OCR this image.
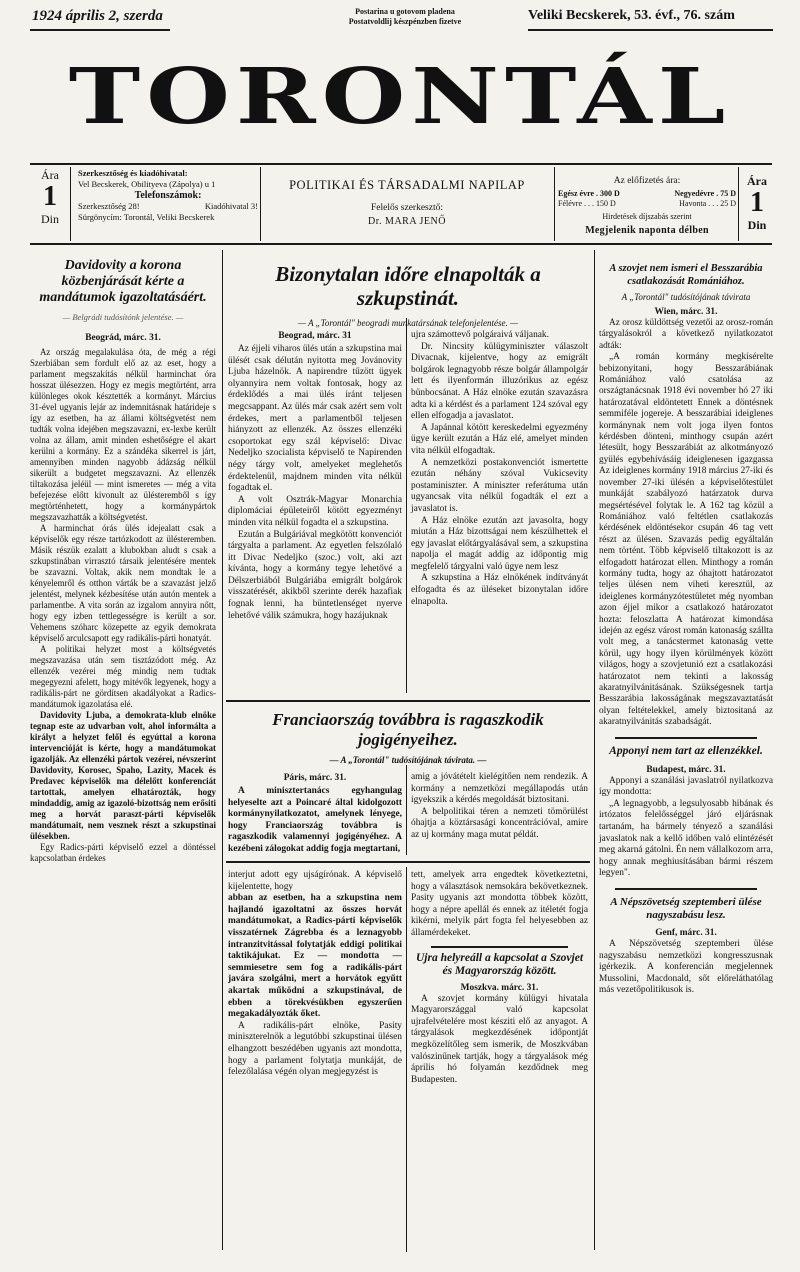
1924 április 2, szerda	Postarina u gotovom pladena
Postatvoldlij készpénzben fizetve	Veliki Becskerek, 53. évf., 76. szám
TORONTÁL
Ára
1
Din
Szerkesztőség és kiadóhivatal:
Vel Becskerek, Obilityeva (Zápolya) u 1
Telefonszámok:
Szerkesztőség 28!	Kiadóhivatal 3!
Sürgönycím: Torontál, Veliki Becskerek
POLITIKAI ÉS TÁRSADALMI NAPILAP
Felelős szerkesztő:
Dr. MARA JENŐ
Az előfizetés ára:
Egész évre . 300 D	Negyedévre . 75 D
Félévre . . . 150 D	Havonta . . . 25 D
Hirdetések díjszabás szerint
Megjelenik naponta délben
Ára
1
Din
Davidovity a korona közbenjárását kérte a mandátumok igazoltatásáért.
— Belgrádi tudósítónk jelentése. —
Beográd, márc. 31.

Az ország megalakulása óta, de még a régi Szerbiában sem fordult elő az az eset, hogy a parlament megszakítás nélkül harminchat óra hosszat ülésezzen. Hogy ez megis megtörtént, arra különleges okok késztették a kormányt. Március 31-ével ugyanis lejár az indemnitásnak határideje s így az esetben, ha az állami költségvetést nem tudták volna idejében megszavazni, ex-lexbe került volna az állam, amit minden eshetőségre el akart kerülni a kormány. Ez a szándéka sikerrel is járt, amennyiben minden nagyobb ádázság nélkül sikerült a budgetet megszavazni. Az ellenzék tiltakozása jeléül — mint ismeretes — még a vita befejezése előtt kivonult az ülésteremből s így megtörténhetett, hogy a kormánypártok megszavazhatták a költségvetést.

A harminchat órás ülés idejealatt csak a képviselők egy része tartózkodott az ülésteremben. Másik részük ezalatt a klubokban aludt s csak a szkupstinában virrasztó társaik jelentésére mentek be szavazni. Voltak, akik nem mondtak le a kényelemről és otthon várták be a szavazást jelző jelentést, melynek kézbesítése után autón mentek a parlamentbe. A vita során az izgalom annyira nőtt, hogy egy izben tettlegességre is került a sor. Vehemens szóharc közepette az egyik demokrata képviselő arculcsapott egy radikális-párti honatyát.

A politikai helyzet most a költségvetés megszavazása után sem tisztázódott még. Az ellenzék vezérei még mindig nem tudtak megegyezni afelett, hogy mitévők legyenek, hogy a radikális-párt ne gördítsen akadályokat a Radics-mandátumok igazolatása elé.

Davidovity Ljuba, a demokrata-klub elnöke tegnap este az udvarban volt, ahol informálta a királyt a helyzet felől és egyúttal a korona intervencióját is kérte, hogy a mandátumokat igazolják. Az ellenzéki pártok vezérei, névszerint Davidovity, Korosec, Spaho, Lazity, Macek és Predavec képviselők ma délelőtt konferenciát tartottak, amelyen elhatározták, hogy mindaddig, amig az igazoló-bizottság nem erősiti meg a horvát paraszt-párti képviselők mandátumait, nem vesznek részt a szkupstinai ülésekben.

Egy Radics-párti képviselő ezzel a döntéssel kapcsolatban érdekes

Bizonytalan időre elnapolták a szkupstinát.
— A „Torontál" beogradi munkatársának telefonjelentése. —
Beograd, márc. 31

Az éjjeli viharos ülés után a szkupstina mai ülését csak délután nyitotta meg Jovánovity Ljuba házelnök. A napirendre tűzött ügyek olyannyira nem voltak fontosak, hogy az érdeklődés a mai ülés iránt teljesen megcsappant. Az ülés már csak azért sem volt érdekes, mert a parlamentből teljesen hiányzott az ellenzék. Az összes ellenzéki csoportokat egy szál képviselő: Divac Nedeljko szocialista képviselő te Napirenden négy tárgy volt, amelyeket meglehetős érdektelenül, majdnem minden vita nélkül fogadtak el.

A volt Osztrák-Magyar Monarchia diplomáciai épületeiről kötött egyezményt minden vita nélkül fogadta el a szkupstina.

Ezután a Bulgáriával megkötött konvenciót tárgyalta a parlament. Az egyetlen felszólaló itt Divac Nedeljko (szoc.) volt, aki azt kívánta, hogy a kormány tegye lehetővé a Délszerbiából Bulgáriába emigrált bolgárok visszatérését, akikből szerinte derék hazafiak fognak lenni, ha büntetlenséget nyerve lehetővé válik számukra, hogy hazájuknak

ujra számottevő polgáraivá váljanak.

Dr. Nincsity külügyminiszter válaszolt Divacnak, kijelentve, hogy az emigrált bolgárok legnagyobb része bolgár állampolgár lett és ilyenformán illuzórikus az egész bünbocsánat. A Ház elnöke ezután szavazásra adta ki a kérdést és a parlament 124 szóval egy ellen elfogadja a javaslatot.

A Japánnal kötött kereskedelmi egyezmény ügye került ezután a Ház elé, amelyet minden vita nélkül elfogadtak.

A nemzetközi postakonvenciót ismertette ezután néhány szóval Vukicsevity postaminiszter. A miniszter referátuma után ugyancsak vita nélkül fogadták el ezt a javaslatot is.

A Ház elnöke ezután azt javasolta, hogy miután a Ház bizottságai nem készülhettek el egy javaslat előtárgyalásával sem, a szkupstina napolja el magát addig az időpontig mig megfelelő tárgyalni való ügye nem lesz

A szkupstina a Ház elnökének indítványát elfogadta és az üléseket bizonytalan időre elnapolta.

Franciaország továbbra is ragaszkodik jogigényeihez.
— A „Torontál" tudósítójának távirata. —
Páris, márc. 31.

A minisztertanács egyhangulag helyeselte azt a Poincaré által kidolgozott kormánynyilatkozatot, amelynek lényege, hogy Franciaország továbbra is ragaszkodik valamennyi jogigényéhez. A kezébeni zálogokat addig fogja megtartani,

amig a jóvátételt kielégítően nem rendezik. A kormány a nemzetközi megállapodás után igyekszik a kérdés megoldását biztositani.

A belpolitikai téren a nemzeti tömörülést óhajtja a köztársasági koncentrációval, amire az uj kormány maga mutat példát.

interjut adott egy ujságírónak. A képviselő kijelentette, hogy

abban az esetben, ha a szkupstina nem hajlandó igazoltatni az összes horvát mandátumokat, a Radics-párti képviselők visszatérnek Zágrebba és a leznagyobb intranzitvitással folytatják eddigi politikai taktikájukat. Ez — mondotta — semmiesetre sem fog a radikális-párt javára szolgálni, mert a horvátok egyűtt akartak működni a szkupstinával, de ebben a törekvésükben egyszerűen megakadályozták őket.

A radikális-párt elnöke, Pasity miniszterelnök a legutóbbi szkupstinai ülésen elhangzott beszédében ugyanis azt mondotta, hogy a parlament folytatja munkáját, de felezőlalása végén olyan megjegyzést is

tett, amelyek arra engedtek következtetni, hogy a választások nemsokára bekövetkeznek. Pasity ugyanis azt mondotta többek között, hogy a népre apellál és ennek az itéletét fogja kikérni, melyik párt fogta fel helyesebben az államérdekeket.

Ujra helyreáll a kapcsolat a Szovjet és Magyarország között.
Moszkva. márc. 31.

A szovjet kormány külügyi hivatala Magyarországgal való kapcsolat ujrafelvételére most késziti elő az anyagot. A tárgyalások megkezdésének időpontját megközelítőleg sem ismerik, de Moszkvában valószinűnek tartják, hogy a tárgyalások még április hó folyamán kezdődnek meg Budapesten.

A szovjet nem ismeri el Besszarábia csatlakozását Romániához.
A „Torontál" tudósítójának távirata
Wien, márc. 31.

Az orosz küldöttség vezetői az orosz-román tárgyalásokról a következő nyilatkozatot adták:

„A román kormány megkísérelte bebizonyitani, hogy Besszarábiának Romániához való csatolása az országtanácsnak 1918 évi november hó 27 iki határozatával eldöntetett Ennek a döntésnek semmiféle jogereje. A besszarábiai ideiglenes kormánynak nem volt joga ilyen fontos kérdésben dönteni, minthogy csupán azért létesült, hogy Besszarábiát az alkotmányozó gyülés egybehívásáig ideiglenesen igazgassa Az ideiglenes kormány 1918 március 27-iki és november 27-iki ülésén a képviselőtestület munkáját szabályozó határzatok durva megsértésével folytak le. A 162 tag közül a Romániához való feltétlen csatlakozás kérdésének eldöntésekor csupán 46 tag vett részt az ülésen. Szavazás pedig egyáltalán nem történt. Több képviselő tiltakozott is az elfogadott határozat ellen. Minthogy a román kormány tudta, hogy az óhajtott határozatot teljes ülésen nem viheti keresztül, az ideiglenes kormányzótestületet még nyomban azon éjjel mikor a csatlakozó határozatot hozta: feloszlatta A határozat kimondása idején az egész várost román katonaság szállta volt meg, a tanácstermet katonaság vette körül, ugy hogy ilyen körülmények között világos, hogy a szovjetunió ezt a csatlakozási határozatot nem tekinti a lakosság akaratnyilvánitásának. Szükségesnek tartja Besszarábia lakosságának megszavaztatását olyan feltételekkel, amely biztositaná az akaratnyilvánitás szabadságát.

Apponyi nem tart az ellenzékkel.
Budapest, márc. 31.

Apponyi a szanálási javaslatról nyilatkozva így mondotta:

„A legnagyobb, a legsulyosabb hibának és irtózatos felelősséggel járó eljárásnak tartanám, ha bármely tényező a szanálási javaslatok nak a kellő időben való elintézését meg akarná gátolni. Én nem vállalkozom arra, hogy annak meghiusításában bármi részem legyen".

A Népszövetség szeptemberi ülése nagyszabásu lesz.
Genf, márc. 31.

A Népszövetség szeptemberi ülése nagyszabásu nemzetközi kongresszusnak igérkezik. A konferencián megjelennek Mussolini, Macdonald, sőt előreláthatólag más vezetőpolitikusok is.
